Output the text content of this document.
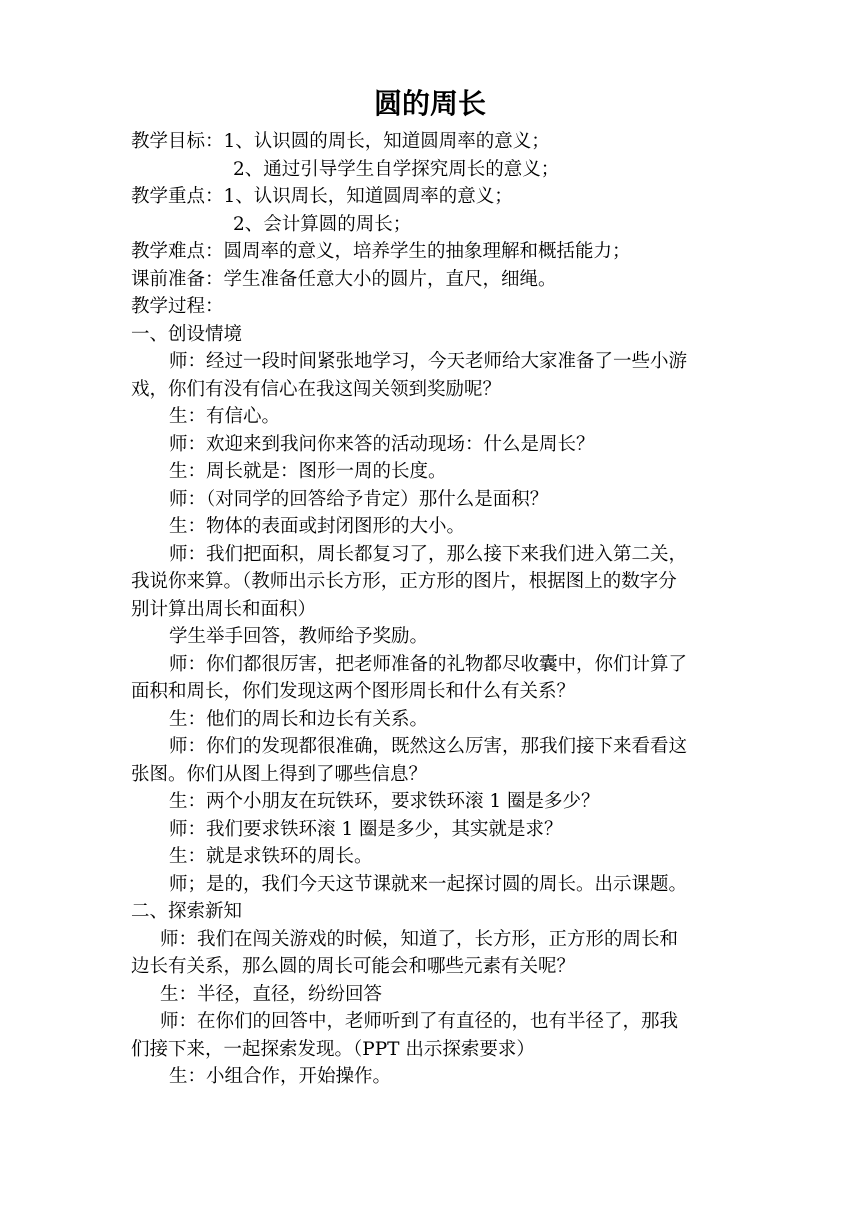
圆的周长
教学目标：1、认识圆的周长，知道圆周率的意义；
2、通过引导学生自学探究周长的意义；
教学重点：1、认识周长，知道圆周率的意义；
2、会计算圆的周长；
教学难点：圆周率的意义，培养学生的抽象理解和概括能力；
课前准备：学生准备任意大小的圆片，直尺，细绳。
教学过程：
一、创设情境
师：经过一段时间紧张地学习，今天老师给大家准备了一些小游
戏，你们有没有信心在我这闯关领到奖励呢？
生：有信心。
师：欢迎来到我问你来答的活动现场：什么是周长？
生：周长就是：图形一周的长度。
师：（对同学的回答给予肯定）那什么是面积？
生：物体的表面或封闭图形的大小。
师：我们把面积，周长都复习了，那么接下来我们进入第二关，
我说你来算。（教师出示长方形，正方形的图片，根据图上的数字分
别计算出周长和面积）
学生举手回答，教师给予奖励。
师：你们都很厉害，把老师准备的礼物都尽收囊中，你们计算了
面积和周长，你们发现这两个图形周长和什么有关系？
生：他们的周长和边长有关系。
师：你们的发现都很准确，既然这么厉害，那我们接下来看看这
张图。你们从图上得到了哪些信息？
生：两个小朋友在玩铁环，要求铁环滚 1 圈是多少？
师：我们要求铁环滚 1 圈是多少，其实就是求？
生：就是求铁环的周长。
师；是的，我们今天这节课就来一起探讨圆的周长。出示课题。
二、探索新知
师：我们在闯关游戏的时候，知道了，长方形，正方形的周长和
边长有关系，那么圆的周长可能会和哪些元素有关呢？
生：半径，直径，纷纷回答
师：在你们的回答中，老师听到了有直径的，也有半径了，那我
们接下来，一起探索发现。（PPT 出示探索要求）
生：小组合作，开始操作。
